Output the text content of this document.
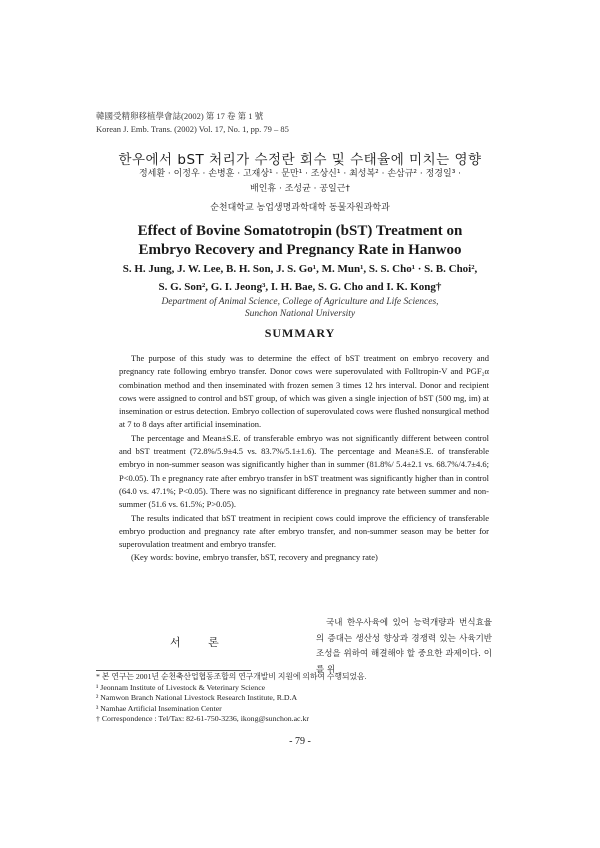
韓國受精卵移植學會誌(2002) 第 17 卷 第 1 號
Korean J. Emb. Trans. (2002) Vol. 17, No. 1, pp. 79 – 85
한우에서 bST 처리가 수정란 회수 및 수태율에 미치는 영향
정세환 · 이정우 · 손병훈 · 고재상¹ · 문만¹ · 조상신¹ · 최성복² · 손삼규² · 정경일³ ·
배인휴 · 조성균 · 공일근†
순천대학교 농업생명과학대학 동물자원과학과
Effect of Bovine Somatotropin (bST) Treatment on
Embryo Recovery and Pregnancy Rate in Hanwoo
S. H. Jung, J. W. Lee, B. H. Son, J. S. Go¹, M. Mun¹, S. S. Cho¹ · S. B. Choi²,
S. G. Son², G. I. Jeong³, I. H. Bae, S. G. Cho and I. K. Kong†
Department of Animal Science, College of Agriculture and Life Sciences,
Sunchon National University
SUMMARY

The purpose of this study was to determine the effect of bST treatment on embryo recovery and pregnancy rate following embryo transfer. Donor cows were superovulated with Folltropin-V and PGF₂α combination method and then inseminated with frozen semen 3 times 12 hrs interval. Donor and recipient cows were assigned to control and bST group, of which was given a single injection of bST (500 mg, im) at insemination or estrus detection. Embryo collection of superovulated cows were flushed nonsurgical method at 7 to 8 days after artificial insemination.

The percentage and Mean±S.E. of transferable embryo was not significantly different between control and bST treatment (72.8%/5.9±4.5 vs. 83.7%/5.1±1.6). The percentage and Mean±S.E. of transferable embryo in non-summer season was significantly higher than in summer (81.8%/ 5.4±2.1 vs. 68.7%/4.7±4.6; P<0.05). Th e pregnancy rate after embryo transfer in bST treatment was significantly higher than in control (64.0 vs. 47.1%; P<0.05). There was no significant difference in pregnancy rate between summer and non-summer (51.6 vs. 61.5%; P>0.05).

The results indicated that bST treatment in recipient cows could improve the efficiency of transferable embryo production and pregnancy rate after embryo transfer, and non-summer season may be better for superovulation treatment and embryo transfer.

(Key words: bovine, embryo transfer, bST, recovery and pregnancy rate)

서 론

국내 한우사육에 있어 능력개량과 번식효율의 증대는 생산성 향상과 경쟁력 있는 사육기반 조성을 위하여 해결해야 할 중요한 과제이다. 이를 위

* 본 연구는 2001년 순천축산업협동조합의 연구개발비 지원에 의하여 수행되었음.
¹ Jeonnam Institute of Livestock & Veterinary Science
² Namwon Branch National Livestock Research Institute, R.D.A
³ Namhae Artificial Insemination Center
† Correspondence : Tel/Tax: 82-61-750-3236, ikong@sunchon.ac.kr
- 79 -
